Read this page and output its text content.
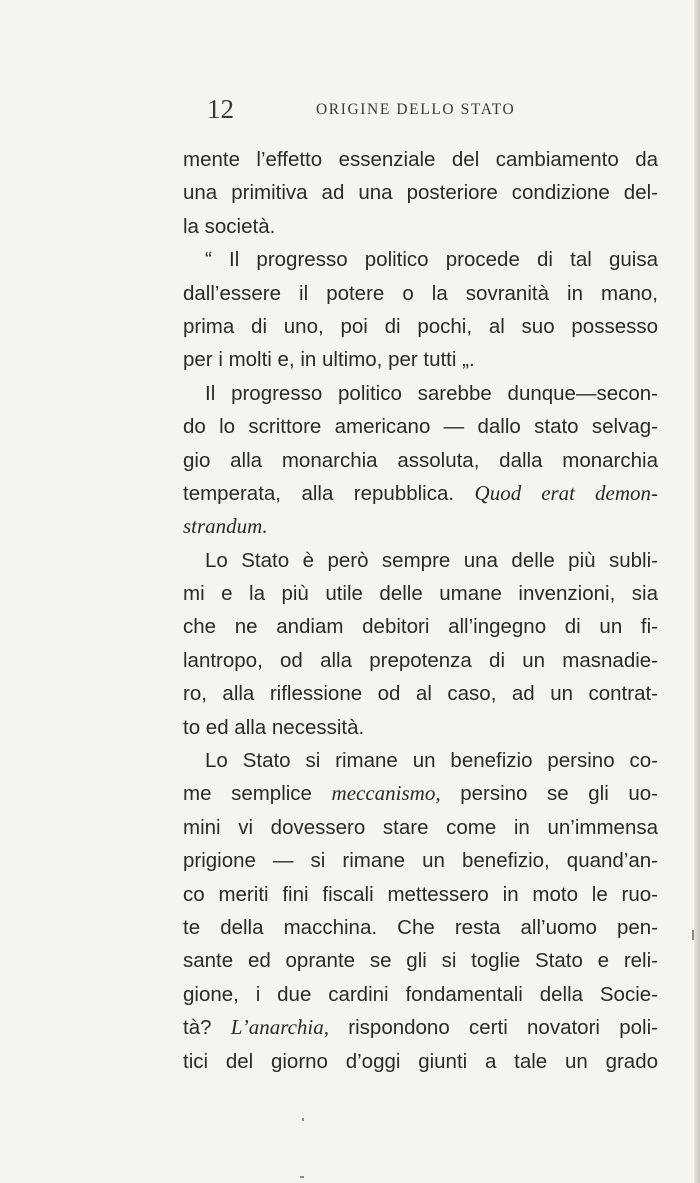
12	ORIGINE DELLO STATO
mente l’effetto essenziale del cambiamento da
una primitiva ad una posteriore condizione del-
la società.
“ Il progresso politico procede di tal guisa
dall’essere il potere o la sovranità in mano,
prima di uno, poi di pochi, al suo possesso
per i molti e, in ultimo, per tutti „.
Il progresso politico sarebbe dunque—secon-
do lo scrittore americano — dallo stato selvag-
gio alla monarchia assoluta, dalla monarchia
temperata, alla repubblica. Quod erat demon-
strandum.
Lo Stato è però sempre una delle più subli-
mi e la più utile delle umane invenzioni, sia
che ne andiam debitori all’ingegno di un fi-
lantropo, od alla prepotenza di un masnadie-
ro, alla riflessione od al caso, ad un contrat-
to ed alla necessità.
Lo Stato si rimane un benefizio persino co-
me semplice meccanismo, persino se gli uo-
mini vi dovessero stare come in un’immensa
prigione — si rimane un benefizio, quand’an-
co meriti fini fiscali mettessero in moto le ruo-
te della macchina. Che resta all’uomo pen-
sante ed oprante se gli si toglie Stato e reli-
gione, i due cardini fondamentali della Socie-
tà? L’anarchia, rispondono certi novatori poli-
tici del giorno d’oggi giunti a tale un grado
